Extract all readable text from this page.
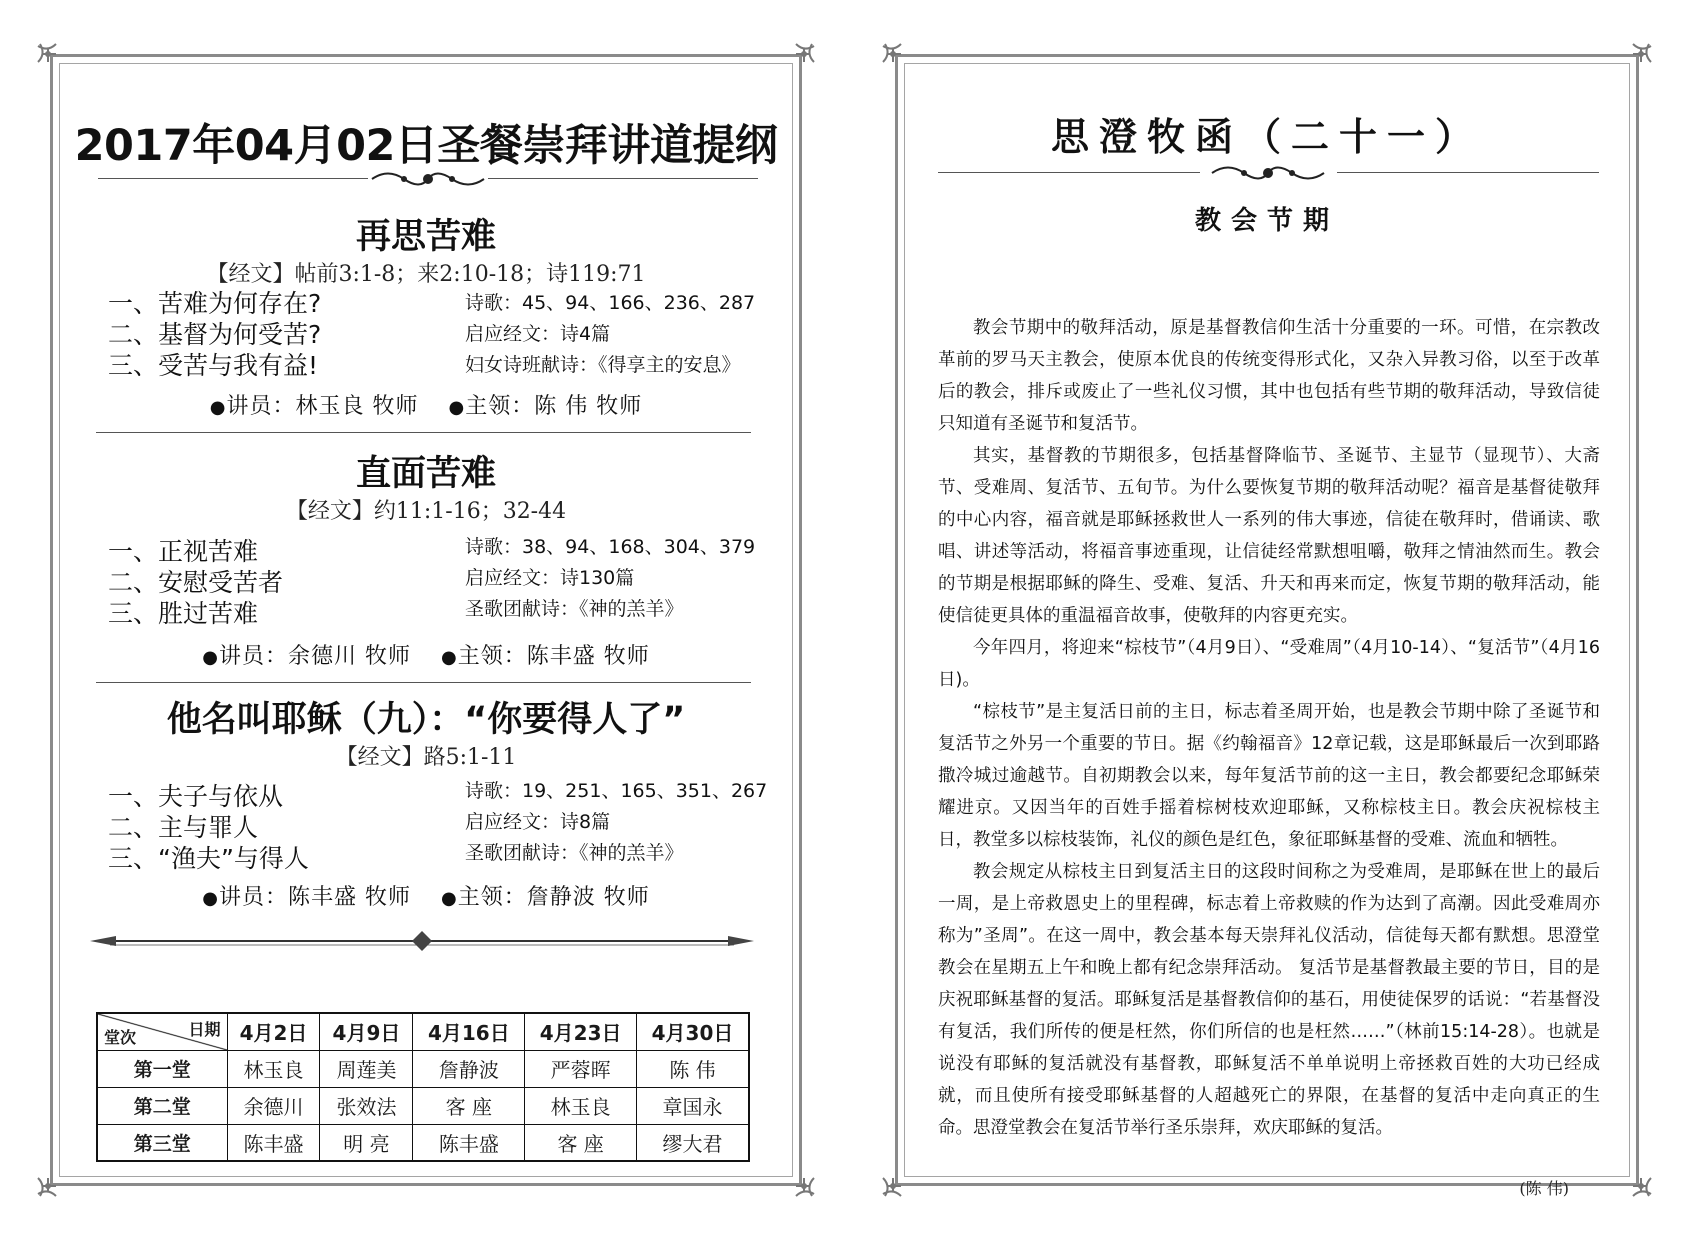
2017年04月02日圣餐崇拜讲道提纲
再思苦难
【经文】帖前3:1-8；来2:10-18；诗119:71
一、苦难为何存在?
二、基督为何受苦?
三、受苦与我有益!
诗歌：45、94、166、236、287
启应经文：诗4篇
妇女诗班献诗：《得享主的安息》
●讲员：林玉良 牧师 ●主领：陈 伟 牧师
直面苦难
【经文】约11:1-16；32-44
一、正视苦难
二、安慰受苦者
三、胜过苦难
诗歌：38、94、168、304、379
启应经文：诗130篇
圣歌团献诗：《神的羔羊》
●讲员：余德川 牧师 ●主领：陈丰盛 牧师
他名叫耶稣（九）：“你要得人了”
【经文】路5:1-11
一、夫子与依从
二、主与罪人
三、“渔夫”与得人
诗歌：19、251、165、351、267
启应经文：诗8篇
圣歌团献诗：《神的羔羊》
●讲员：陈丰盛 牧师 ●主领：詹静波 牧师
日期
堂次	4月2日	4月9日	4月16日	4月23日	4月30日
第一堂	林玉良	周莲美	詹静波	严蓉晖	陈 伟
第二堂	余德川	张效法	客 座	林玉良	章国永
第三堂	陈丰盛	明 亮	陈丰盛	客 座	缪大君
思澄牧函（二十一）
教会节期

教会节期中的敬拜活动，原是基督教信仰生活十分重要的一环。可惜，在宗教改革前的罗马天主教会，使原本优良的传统变得形式化，又杂入异教习俗，以至于改革后的教会，排斥或废止了一些礼仪习惯，其中也包括有些节期的敬拜活动，导致信徒只知道有圣诞节和复活节。

其实，基督教的节期很多，包括基督降临节、圣诞节、主显节（显现节）、大斋节、受难周、复活节、五旬节。为什么要恢复节期的敬拜活动呢？福音是基督徒敬拜的中心内容，福音就是耶稣拯救世人一系列的伟大事迹，信徒在敬拜时，借诵读、歌唱、讲述等活动，将福音事迹重现，让信徒经常默想咀嚼，敬拜之情油然而生。教会的节期是根据耶稣的降生、受难、复活、升天和再来而定，恢复节期的敬拜活动，能使信徒更具体的重温福音故事，使敬拜的内容更充实。

今年四月，将迎来“棕枝节”（4月9日）、“受难周”（4月10-14）、“复活节”（4月16日)。

“棕枝节”是主复活日前的主日，标志着圣周开始，也是教会节期中除了圣诞节和复活节之外另一个重要的节日。据《约翰福音》12章记载，这是耶稣最后一次到耶路撒冷城过逾越节。自初期教会以来，每年复活节前的这一主日，教会都要纪念耶稣荣耀进京。又因当年的百姓手摇着棕树枝欢迎耶稣，又称棕枝主日。教会庆祝棕枝主日，教堂多以棕枝装饰，礼仪的颜色是红色，象征耶稣基督的受难、流血和牺牲。

教会规定从棕枝主日到复活主日的这段时间称之为受难周，是耶稣在世上的最后一周，是上帝救恩史上的里程碑，标志着上帝救赎的作为达到了高潮。因此受难周亦称为”圣周”。在这一周中，教会基本每天崇拜礼仪活动，信徒每天都有默想。思澄堂教会在星期五上午和晚上都有纪念崇拜活动。 复活节是基督教最主要的节日，目的是庆祝耶稣基督的复活。耶稣复活是基督教信仰的基石，用使徒保罗的话说：“若基督没有复活，我们所传的便是枉然，你们所信的也是枉然……”（林前15:14-28）。也就是说没有耶稣的复活就没有基督教，耶稣复活不单单说明上帝拯救百姓的大功已经成就，而且使所有接受耶稣基督的人超越死亡的界限，在基督的复活中走向真正的生命。思澄堂教会在复活节举行圣乐崇拜，欢庆耶稣的复活。

(陈 伟)
